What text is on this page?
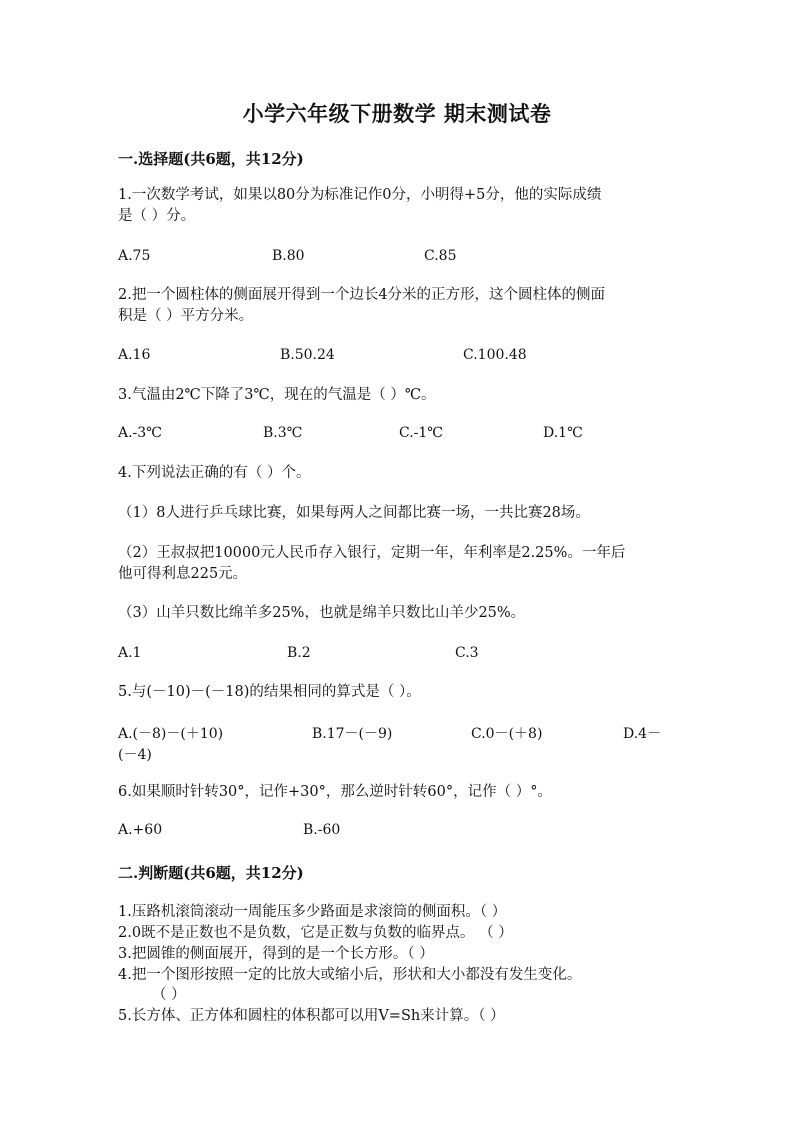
小学六年级下册数学 期末测试卷
一.选择题(共6题，共12分)
1.一次数学考试，如果以80分为标准记作0分，小明得+5分，他的实际成绩
是（ ）分。
A.75	B.80	C.85
2.把一个圆柱体的侧面展开得到一个边长4分米的正方形，这个圆柱体的侧面
积是（ ）平方分米。
A.16	B.50.24	C.100.48
3.气温由2℃下降了3℃，现在的气温是（ ）℃。
A.-3℃	B.3℃	C.-1℃	D.1℃
4.下列说法正确的有（ ）个。
（1）8人进行乒乓球比赛，如果每两人之间都比赛一场，一共比赛28场。
（2）王叔叔把10000元人民币存入银行，定期一年，年利率是2.25%。一年后
他可得利息225元。
（3）山羊只数比绵羊多25%，也就是绵羊只数比山羊少25%。
A.1	B.2	C.3
5.与(－10)－(－18)的结果相同的算式是（ ）。
A.(－8)－(＋10)	B.17－(－9)	C.0－(＋8)	D.4－
(－4)
6.如果顺时针转30°，记作+30°，那么逆时针转60°，记作（ ）°。
A.+60	B.-60
二.判断题(共6题，共12分)
1.压路机滚筒滚动一周能压多少路面是求滚筒的侧面积。（ ）
2.0既不是正数也不是负数，它是正数与负数的临界点。 （ ）
3.把圆锥的侧面展开，得到的是一个长方形。（ ）
4.把一个图形按照一定的比放大或缩小后，形状和大小都没有发生变化。
（ ）
5.长方体、正方体和圆柱的体积都可以用V=Sh来计算。（ ）
